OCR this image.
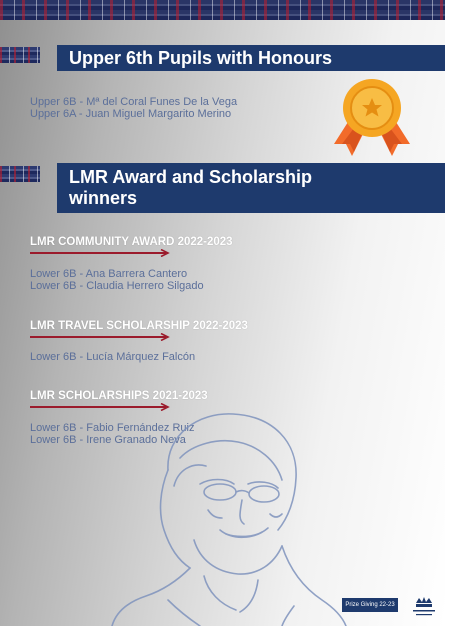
Upper 6th Pupils with Honours
Upper 6B - Mª del Coral Funes De la Vega
Upper 6A - Juan Miguel Margarito Merino
LMR Award and Scholarship
winners
LMR COMMUNITY AWARD 2022-2023
Lower 6B - Ana Barrera Cantero
Lower 6B - Claudia Herrero Silgado
LMR TRAVEL SCHOLARSHIP 2022-2023
Lower 6B - Lucía Márquez Falcón
LMR SCHOLARSHIPS 2021-2023
Lower 6B - Fabio Fernández Ruiz
Lower 6B - Irene Granado Neva
Prize Giving 22-23
